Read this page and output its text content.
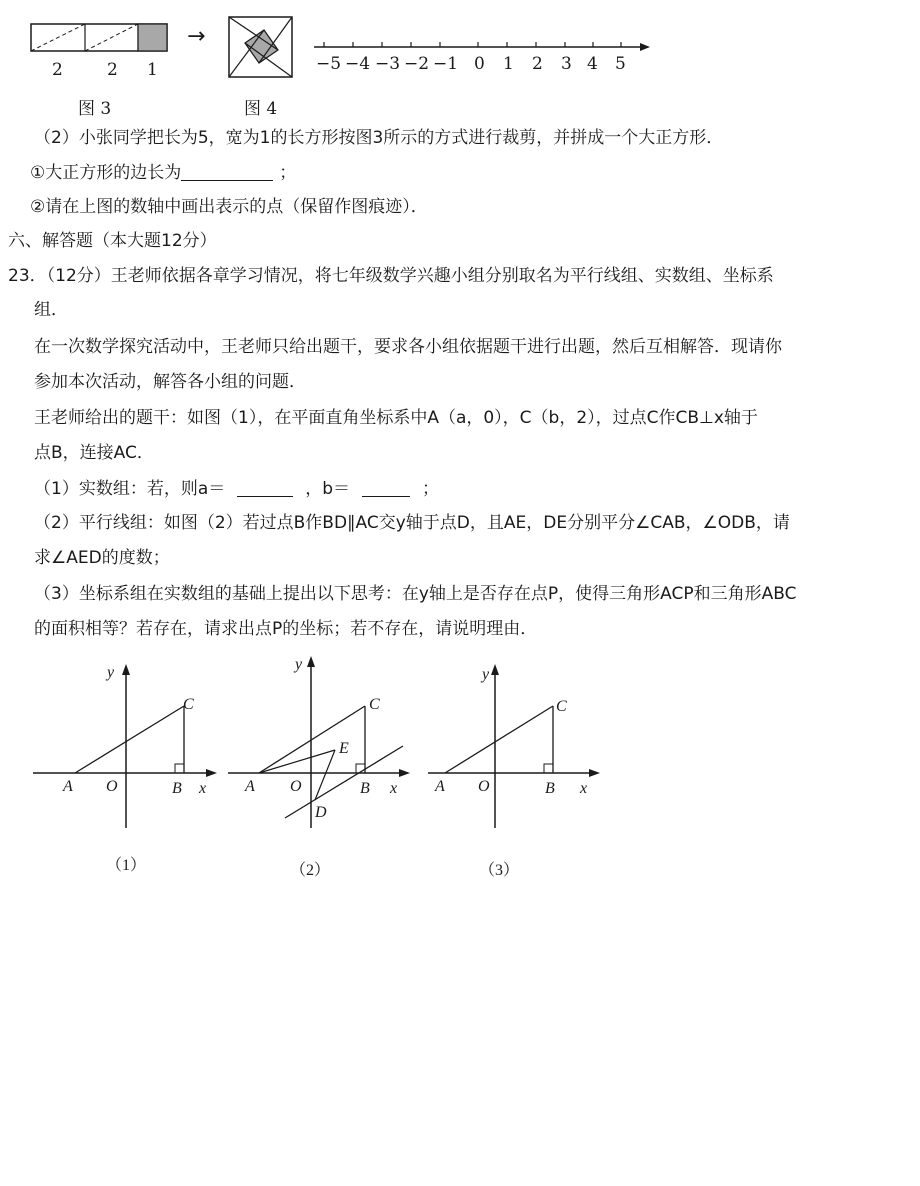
2	2 1
图 3
→
图 4
−5 −4 −3 −2 −1 0 1 2 3 4 5
（2）小张同学把长为5，宽为1的长方形按图3所示的方式进行裁剪，并拼成一个大正方形．
①大正方形的边长为	；
②请在上图的数轴中画出表示的点（保留作图痕迹）．
六、解答题（本大题12分）
23．（12分）王老师依据各章学习情况，将七年级数学兴趣小组分别取名为平行线组、实数组、坐标系
组．
在一次数学探究活动中，王老师只给出题干，要求各小组依据题干进行出题，然后互相解答．现请你
参加本次活动，解答各小组的问题．
王老师给出的题干：如图（1），在平面直角坐标系中A（a，0），C（b，2），过点C作CB⊥x轴于
点B，连接AC．
（1）实数组：若，则a＝	，b＝	；
（2）平行线组：如图（2）若过点B作BD∥AC交y轴于点D，且AE，DE分别平分∠CAB，∠ODB，请
求∠AED的度数；
（3）坐标系组在实数组的基础上提出以下思考：在y轴上是否存在点P，使得三角形ACP和三角形ABC
的面积相等？若存在，请求出点P的坐标；若不存在，请说明理由．
y
C
A O	B x
（1）
y
C
E
A O	B x
D
（2）
y
C
A O	B x
（3）
